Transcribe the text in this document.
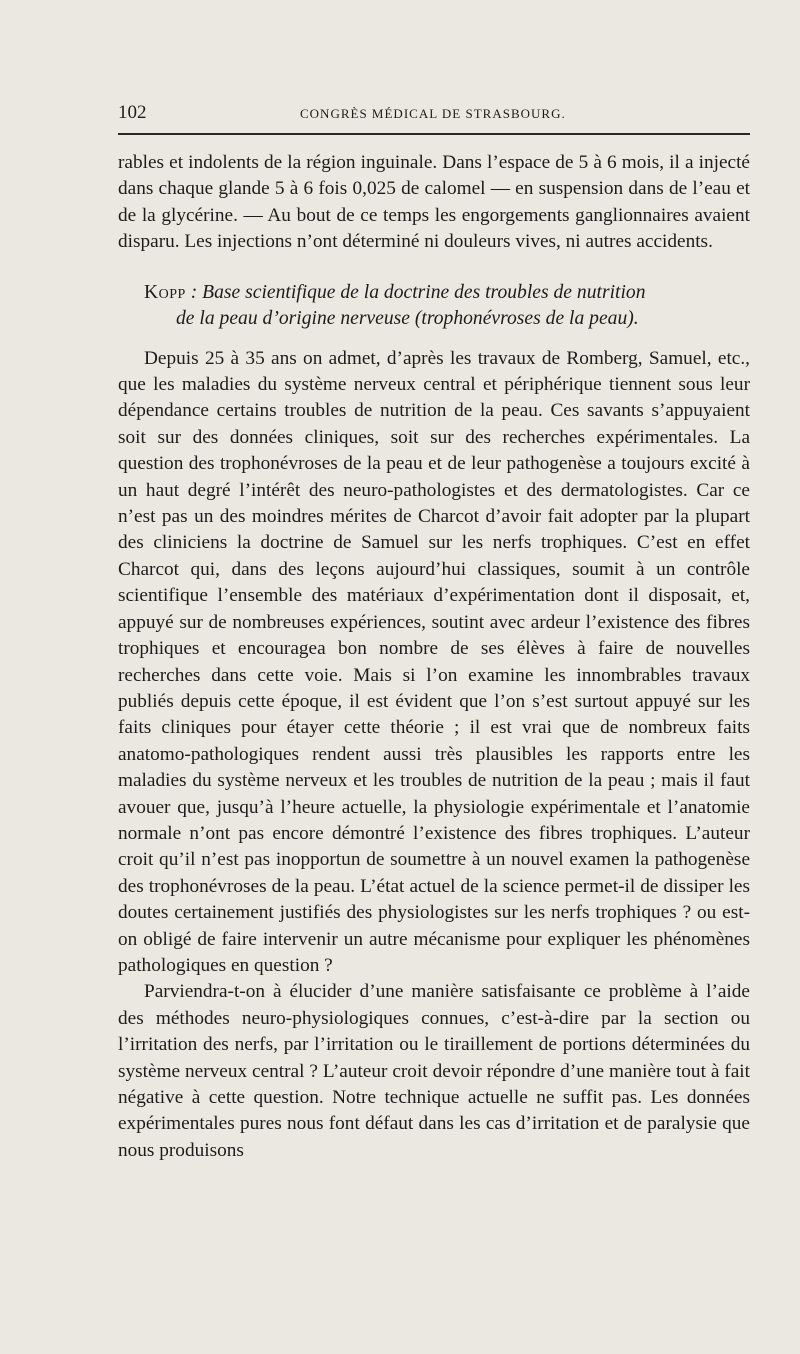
102	CONGRÈS MÉDICAL DE STRASBOURG.

rables et indolents de la région inguinale. Dans l’espace de 5 à 6 mois, il a injecté dans chaque glande 5 à 6 fois 0,025 de calomel — en suspension dans de l’eau et de la glycérine. — Au bout de ce temps les engorgements ganglionnaires avaient disparu. Les injections n’ont déterminé ni douleurs vives, ni autres accidents.

Kopp : Base scientifique de la doctrine des troubles de nutrition
de la peau d’origine nerveuse (trophonévroses de la peau).

Depuis 25 à 35 ans on admet, d’après les travaux de Romberg, Samuel, etc., que les maladies du système nerveux central et périphérique tiennent sous leur dépendance certains troubles de nutrition de la peau. Ces savants s’appuyaient soit sur des données cliniques, soit sur des recherches expérimentales. La question des trophonévroses de la peau et de leur pathogenèse a toujours excité à un haut degré l’intérêt des neuro-pathologistes et des dermatologistes. Car ce n’est pas un des moindres mérites de Charcot d’avoir fait adopter par la plupart des cliniciens la doctrine de Samuel sur les nerfs trophiques. C’est en effet Charcot qui, dans des leçons aujourd’hui classiques, soumit à un contrôle scientifique l’ensemble des matériaux d’expérimentation dont il disposait, et, appuyé sur de nombreuses expériences, soutint avec ardeur l’existence des fibres trophiques et encouragea bon nombre de ses élèves à faire de nouvelles recherches dans cette voie. Mais si l’on examine les innombrables travaux publiés depuis cette époque, il est évident que l’on s’est surtout appuyé sur les faits cliniques pour étayer cette théorie ; il est vrai que de nombreux faits anatomo-pathologiques rendent aussi très plausibles les rapports entre les maladies du système nerveux et les troubles de nutrition de la peau ; mais il faut avouer que, jusqu’à l’heure actuelle, la physiologie expérimentale et l’anatomie normale n’ont pas encore démontré l’existence des fibres trophiques. L’auteur croit qu’il n’est pas inopportun de soumettre à un nouvel examen la pathogenèse des trophonévroses de la peau. L’état actuel de la science permet-il de dissiper les doutes certainement justifiés des physiologistes sur les nerfs trophiques ? ou est-on obligé de faire intervenir un autre mécanisme pour expliquer les phénomènes pathologiques en question ?

Parviendra-t-on à élucider d’une manière satisfaisante ce problème à l’aide des méthodes neuro-physiologiques connues, c’est-à-dire par la section ou l’irritation des nerfs, par l’irritation ou le tiraillement de portions déterminées du système nerveux central ? L’auteur croit devoir répondre d’une manière tout à fait négative à cette question. Notre technique actuelle ne suffit pas. Les données expérimentales pures nous font défaut dans les cas d’irritation et de paralysie que nous produisons
